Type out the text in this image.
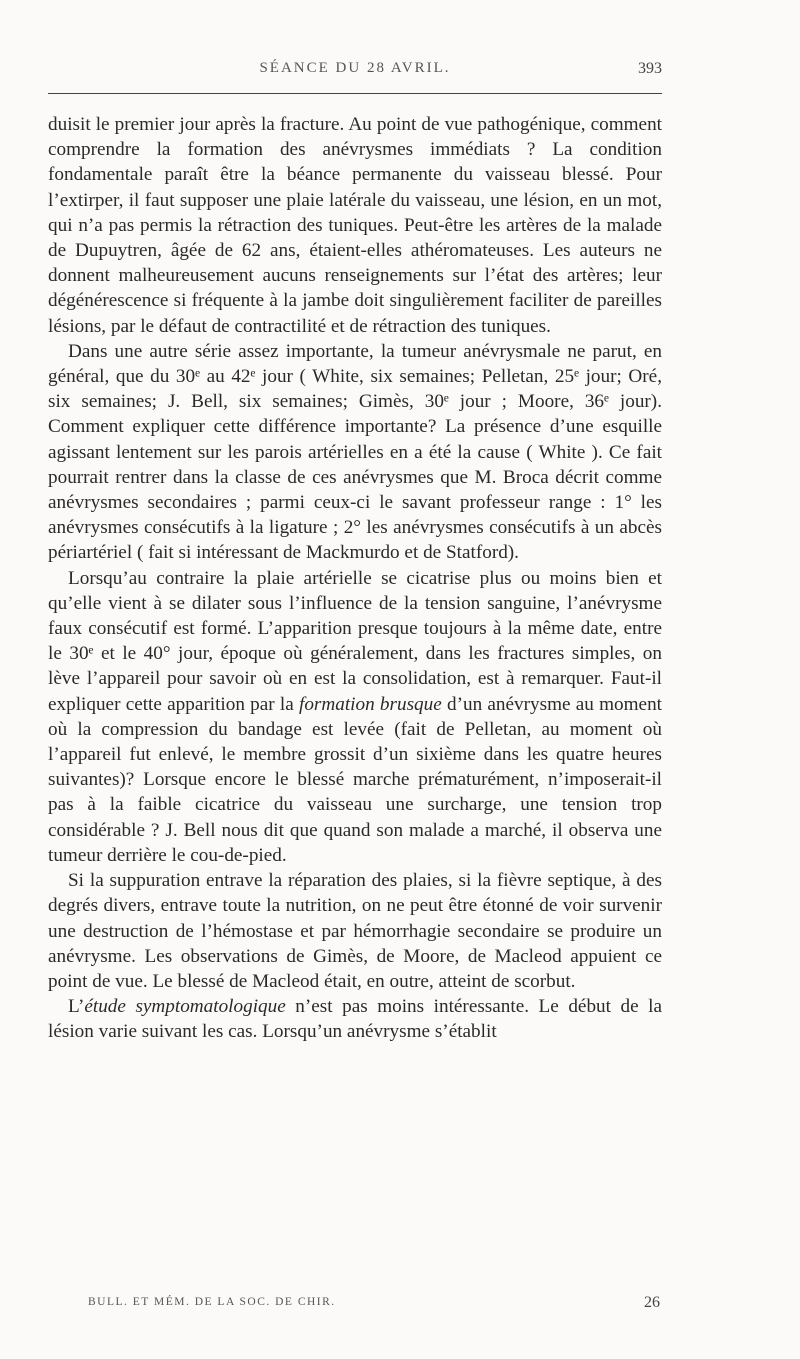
SÉANCE DU 28 AVRIL.	393

duisit le premier jour après la fracture. Au point de vue pathogénique, comment comprendre la formation des anévrysmes immédiats ? La condition fondamentale paraît être la béance permanente du vaisseau blessé. Pour l’extirper, il faut supposer une plaie latérale du vaisseau, une lésion, en un mot, qui n’a pas permis la rétraction des tuniques. Peut-être les artères de la malade de Dupuytren, âgée de 62 ans, étaient-elles athéromateuses. Les auteurs ne donnent malheureusement aucuns renseignements sur l’état des artères; leur dégénérescence si fréquente à la jambe doit singulièrement faciliter de pareilles lésions, par le défaut de contractilité et de rétraction des tuniques.

Dans une autre série assez importante, la tumeur anévrysmale ne parut, en général, que du 30ᵉ au 42ᵉ jour ( White, six semaines; Pelletan, 25ᵉ jour; Oré, six semaines; J. Bell, six semaines; Gimès, 30ᵉ jour ; Moore, 36ᵉ jour). Comment expliquer cette différence importante? La présence d’une esquille agissant lentement sur les parois artérielles en a été la cause ( White ). Ce fait pourrait rentrer dans la classe de ces anévrysmes que M. Broca décrit comme anévrysmes secondaires ; parmi ceux-ci le savant professeur range : 1° les anévrysmes consécutifs à la ligature ; 2° les anévrysmes consécutifs à un abcès périartériel ( fait si intéressant de Mackmurdo et de Statford).

Lorsqu’au contraire la plaie artérielle se cicatrise plus ou moins bien et qu’elle vient à se dilater sous l’influence de la tension sanguine, l’anévrysme faux consécutif est formé. L’apparition presque toujours à la même date, entre le 30ᵉ et le 40° jour, époque où généralement, dans les fractures simples, on lève l’appareil pour savoir où en est la consolidation, est à remarquer. Faut-il expliquer cette apparition par la formation brusque d’un anévrysme au moment où la compression du bandage est levée (fait de Pelletan, au moment où l’appareil fut enlevé, le membre grossit d’un sixième dans les quatre heures suivantes)? Lorsque encore le blessé marche prématurément, n’imposerait-il pas à la faible cicatrice du vaisseau une surcharge, une tension trop considérable ? J. Bell nous dit que quand son malade a marché, il observa une tumeur derrière le cou-de-pied.

Si la suppuration entrave la réparation des plaies, si la fièvre septique, à des degrés divers, entrave toute la nutrition, on ne peut être étonné de voir survenir une destruction de l’hémostase et par hémorrhagie secondaire se produire un anévrysme. Les observations de Gimès, de Moore, de Macleod appuient ce point de vue. Le blessé de Macleod était, en outre, atteint de scorbut.

L’étude symptomatologique n’est pas moins intéressante. Le début de la lésion varie suivant les cas. Lorsqu’un anévrysme s’établit

BULL. ET MÉM. DE LA SOC. DE CHIR.	26
